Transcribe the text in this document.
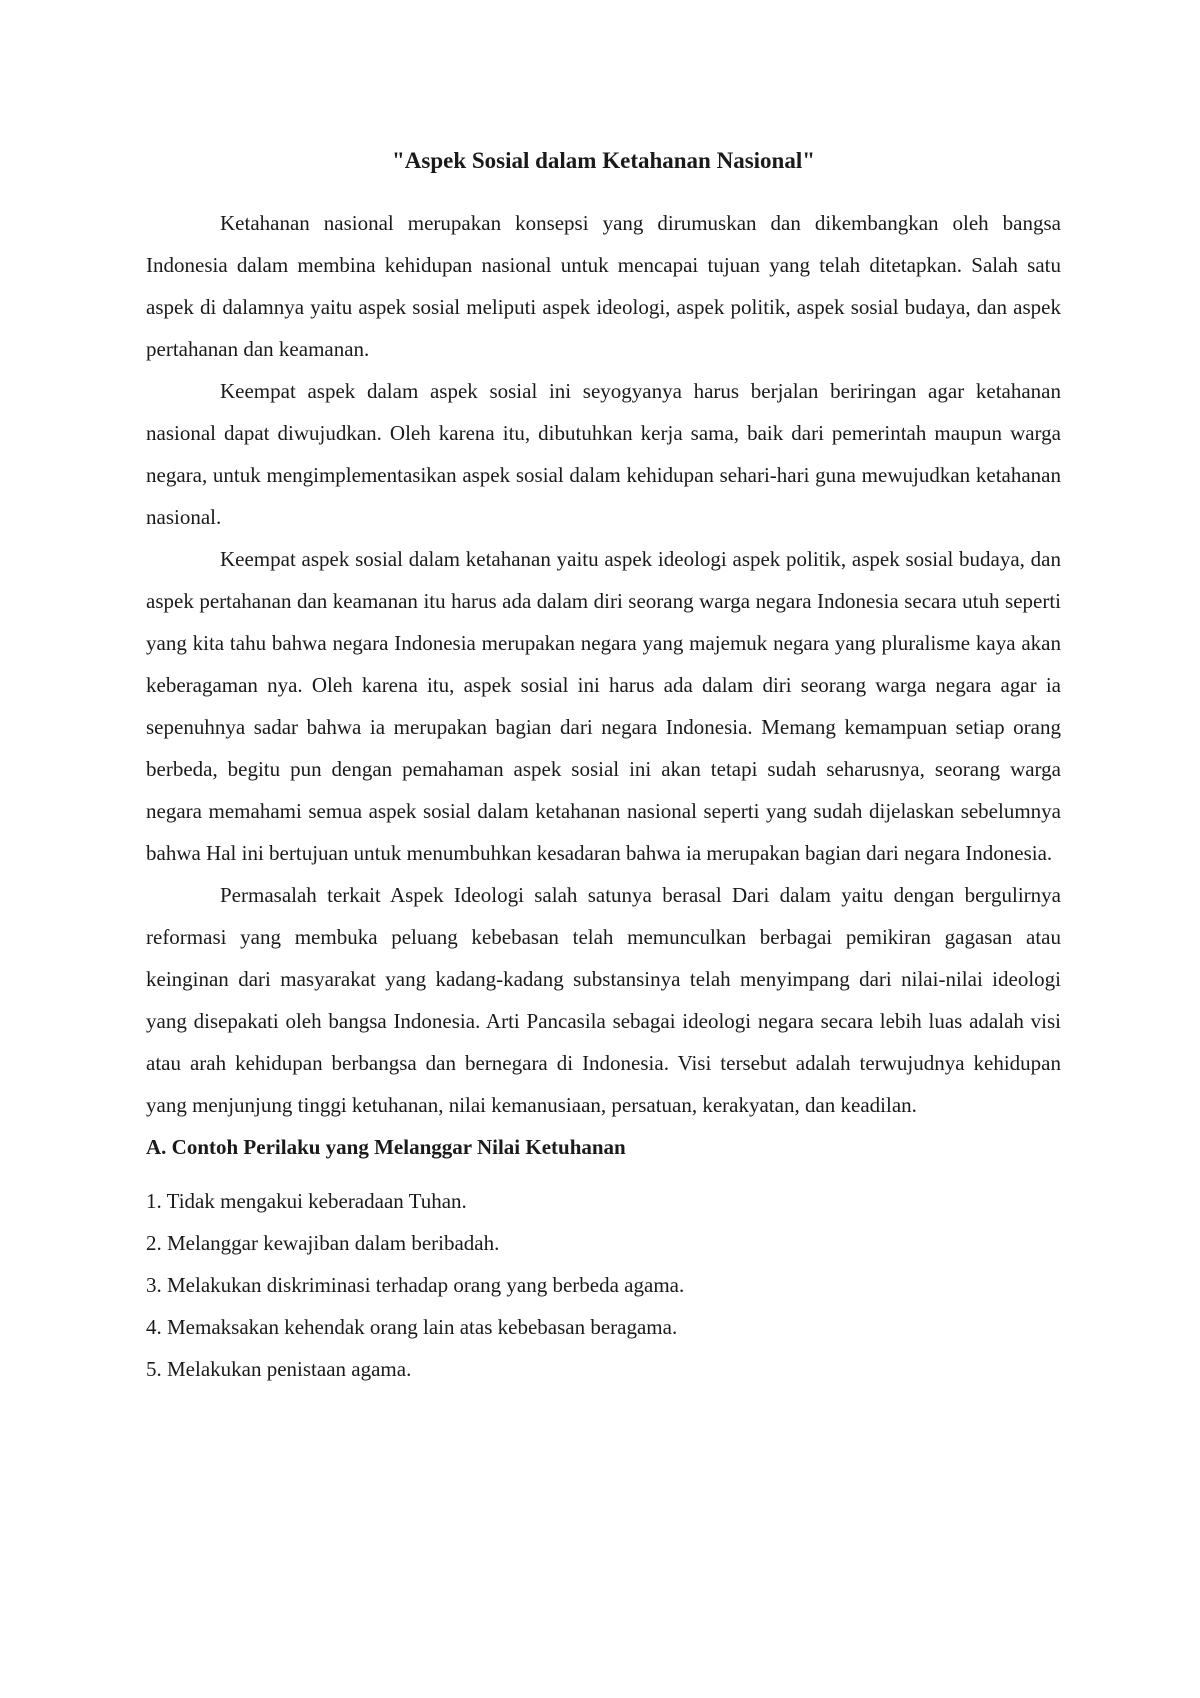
"Aspek Sosial dalam Ketahanan Nasional"

Ketahanan nasional merupakan konsepsi yang dirumuskan dan dikembangkan oleh bangsa Indonesia dalam membina kehidupan nasional untuk mencapai tujuan yang telah ditetapkan. Salah satu aspek di dalamnya yaitu aspek sosial meliputi aspek ideologi, aspek politik, aspek sosial budaya, dan aspek pertahanan dan keamanan.

Keempat aspek dalam aspek sosial ini seyogyanya harus berjalan beriringan agar ketahanan nasional dapat diwujudkan. Oleh karena itu, dibutuhkan kerja sama, baik dari pemerintah maupun warga negara, untuk mengimplementasikan aspek sosial dalam kehidupan sehari-hari guna mewujudkan ketahanan nasional.

Keempat aspek sosial dalam ketahanan yaitu aspek ideologi aspek politik, aspek sosial budaya, dan aspek pertahanan dan keamanan itu harus ada dalam diri seorang warga negara Indonesia secara utuh seperti yang kita tahu bahwa negara Indonesia merupakan negara yang majemuk negara yang pluralisme kaya akan keberagaman nya. Oleh karena itu, aspek sosial ini harus ada dalam diri seorang warga negara agar ia sepenuhnya sadar bahwa ia merupakan bagian dari negara Indonesia. Memang kemampuan setiap orang berbeda, begitu pun dengan pemahaman aspek sosial ini akan tetapi sudah seharusnya, seorang warga negara memahami semua aspek sosial dalam ketahanan nasional seperti yang sudah dijelaskan sebelumnya bahwa Hal ini bertujuan untuk menumbuhkan kesadaran bahwa ia merupakan bagian dari negara Indonesia.

Permasalah terkait Aspek Ideologi salah satunya berasal Dari dalam yaitu dengan bergulirnya reformasi yang membuka peluang kebebasan telah memunculkan berbagai pemikiran gagasan atau keinginan dari masyarakat yang kadang-kadang substansinya telah menyimpang dari nilai-nilai ideologi yang disepakati oleh bangsa Indonesia. Arti Pancasila sebagai ideologi negara secara lebih luas adalah visi atau arah kehidupan berbangsa dan bernegara di Indonesia. Visi tersebut adalah terwujudnya kehidupan yang menjunjung tinggi ketuhanan, nilai kemanusiaan, persatuan, kerakyatan, dan keadilan.

A. Contoh Perilaku yang Melanggar Nilai Ketuhanan
1. Tidak mengakui keberadaan Tuhan.
2. Melanggar kewajiban dalam beribadah.
3. Melakukan diskriminasi terhadap orang yang berbeda agama.
4. Memaksakan kehendak orang lain atas kebebasan beragama.
5. Melakukan penistaan agama.
